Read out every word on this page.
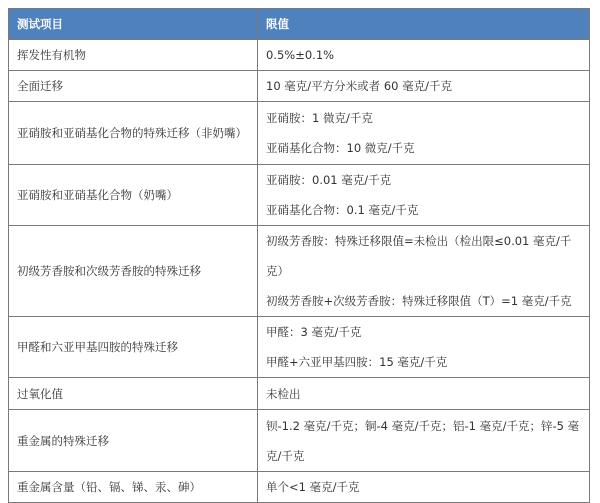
测试项目	限值
挥发性有机物	0.5%±0.1%

全面迁移	10 毫克/平方分米或者 60 毫克/千克

亚硝胺和亚硝基化合物的特殊迁移（非奶嘴）	亚硝胺：1 微克/千克
亚硝基化合物：10 微克/千克

亚硝胺和亚硝基化合物（奶嘴）	亚硝胺：0.01 毫克/千克
亚硝基化合物：0.1 毫克/千克

初级芳香胺和次级芳香胺的特殊迁移	初级芳香胺：特殊迁移限值=未检出（检出限≤0.01 毫克/千克）
初级芳香胺+次级芳香胺：特殊迁移限值（T）=1 毫克/千克

甲醛和六亚甲基四胺的特殊迁移	甲醛：3 毫克/千克
甲醛+六亚甲基四胺：15 毫克/千克

过氧化值	未检出

重金属的特殊迁移	钡-1.2 毫克/千克；铜-4 毫克/千克；铝-1 毫克/千克；锌-5 毫克/千克

重金属含量（铅、镉、锑、汞、砷）	单个<1 毫克/千克
